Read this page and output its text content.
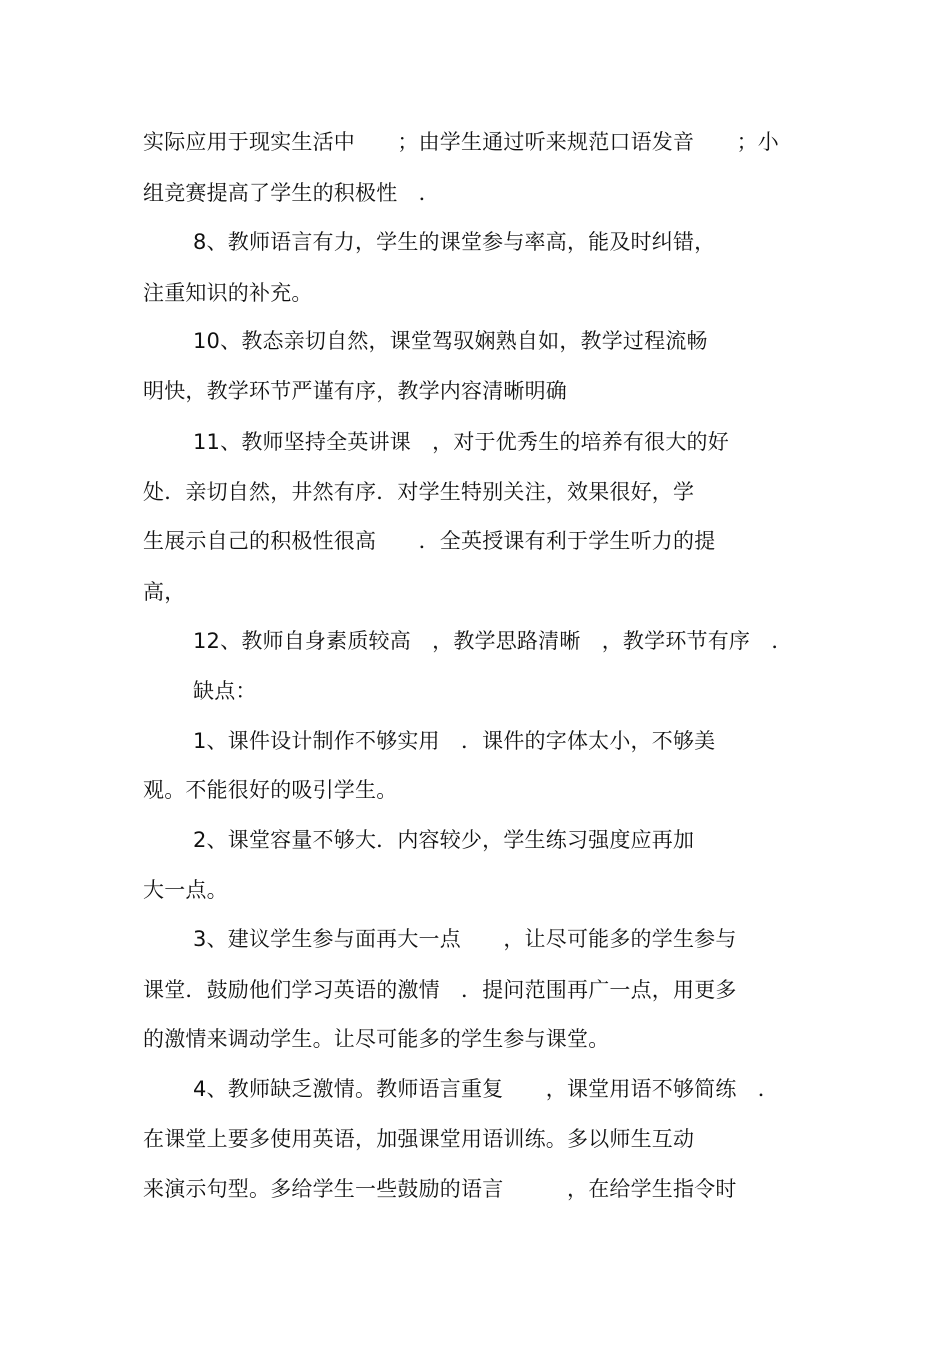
实际应用于现实生活中　　；由学生通过听来规范口语发音　　；小
组竞赛提高了学生的积极性　．
8、教师语言有力，学生的课堂参与率高，能及时纠错，
注重知识的补充。
10、教态亲切自然，课堂驾驭娴熟自如，教学过程流畅
明快，教学环节严谨有序，教学内容清晰明确
11、教师坚持全英讲课　，对于优秀生的培养有很大的好
处．亲切自然，井然有序．对学生特别关注，效果很好，学
生展示自己的积极性很高　　．全英授课有利于学生听力的提
高，
12、教师自身素质较高　，教学思路清晰　，教学环节有序　．
缺点：
1、课件设计制作不够实用　．课件的字体太小，不够美
观。不能很好的吸引学生。
2、课堂容量不够大．内容较少，学生练习强度应再加
大一点。
3、建议学生参与面再大一点　　，让尽可能多的学生参与
课堂．鼓励他们学习英语的激情　．提问范围再广一点，用更多
的激情来调动学生。让尽可能多的学生参与课堂。
4、教师缺乏激情。教师语言重复　　，课堂用语不够简练　．
在课堂上要多使用英语，加强课堂用语训练。多以师生互动
来演示句型。多给学生一些鼓励的语言　　　，在给学生指令时
